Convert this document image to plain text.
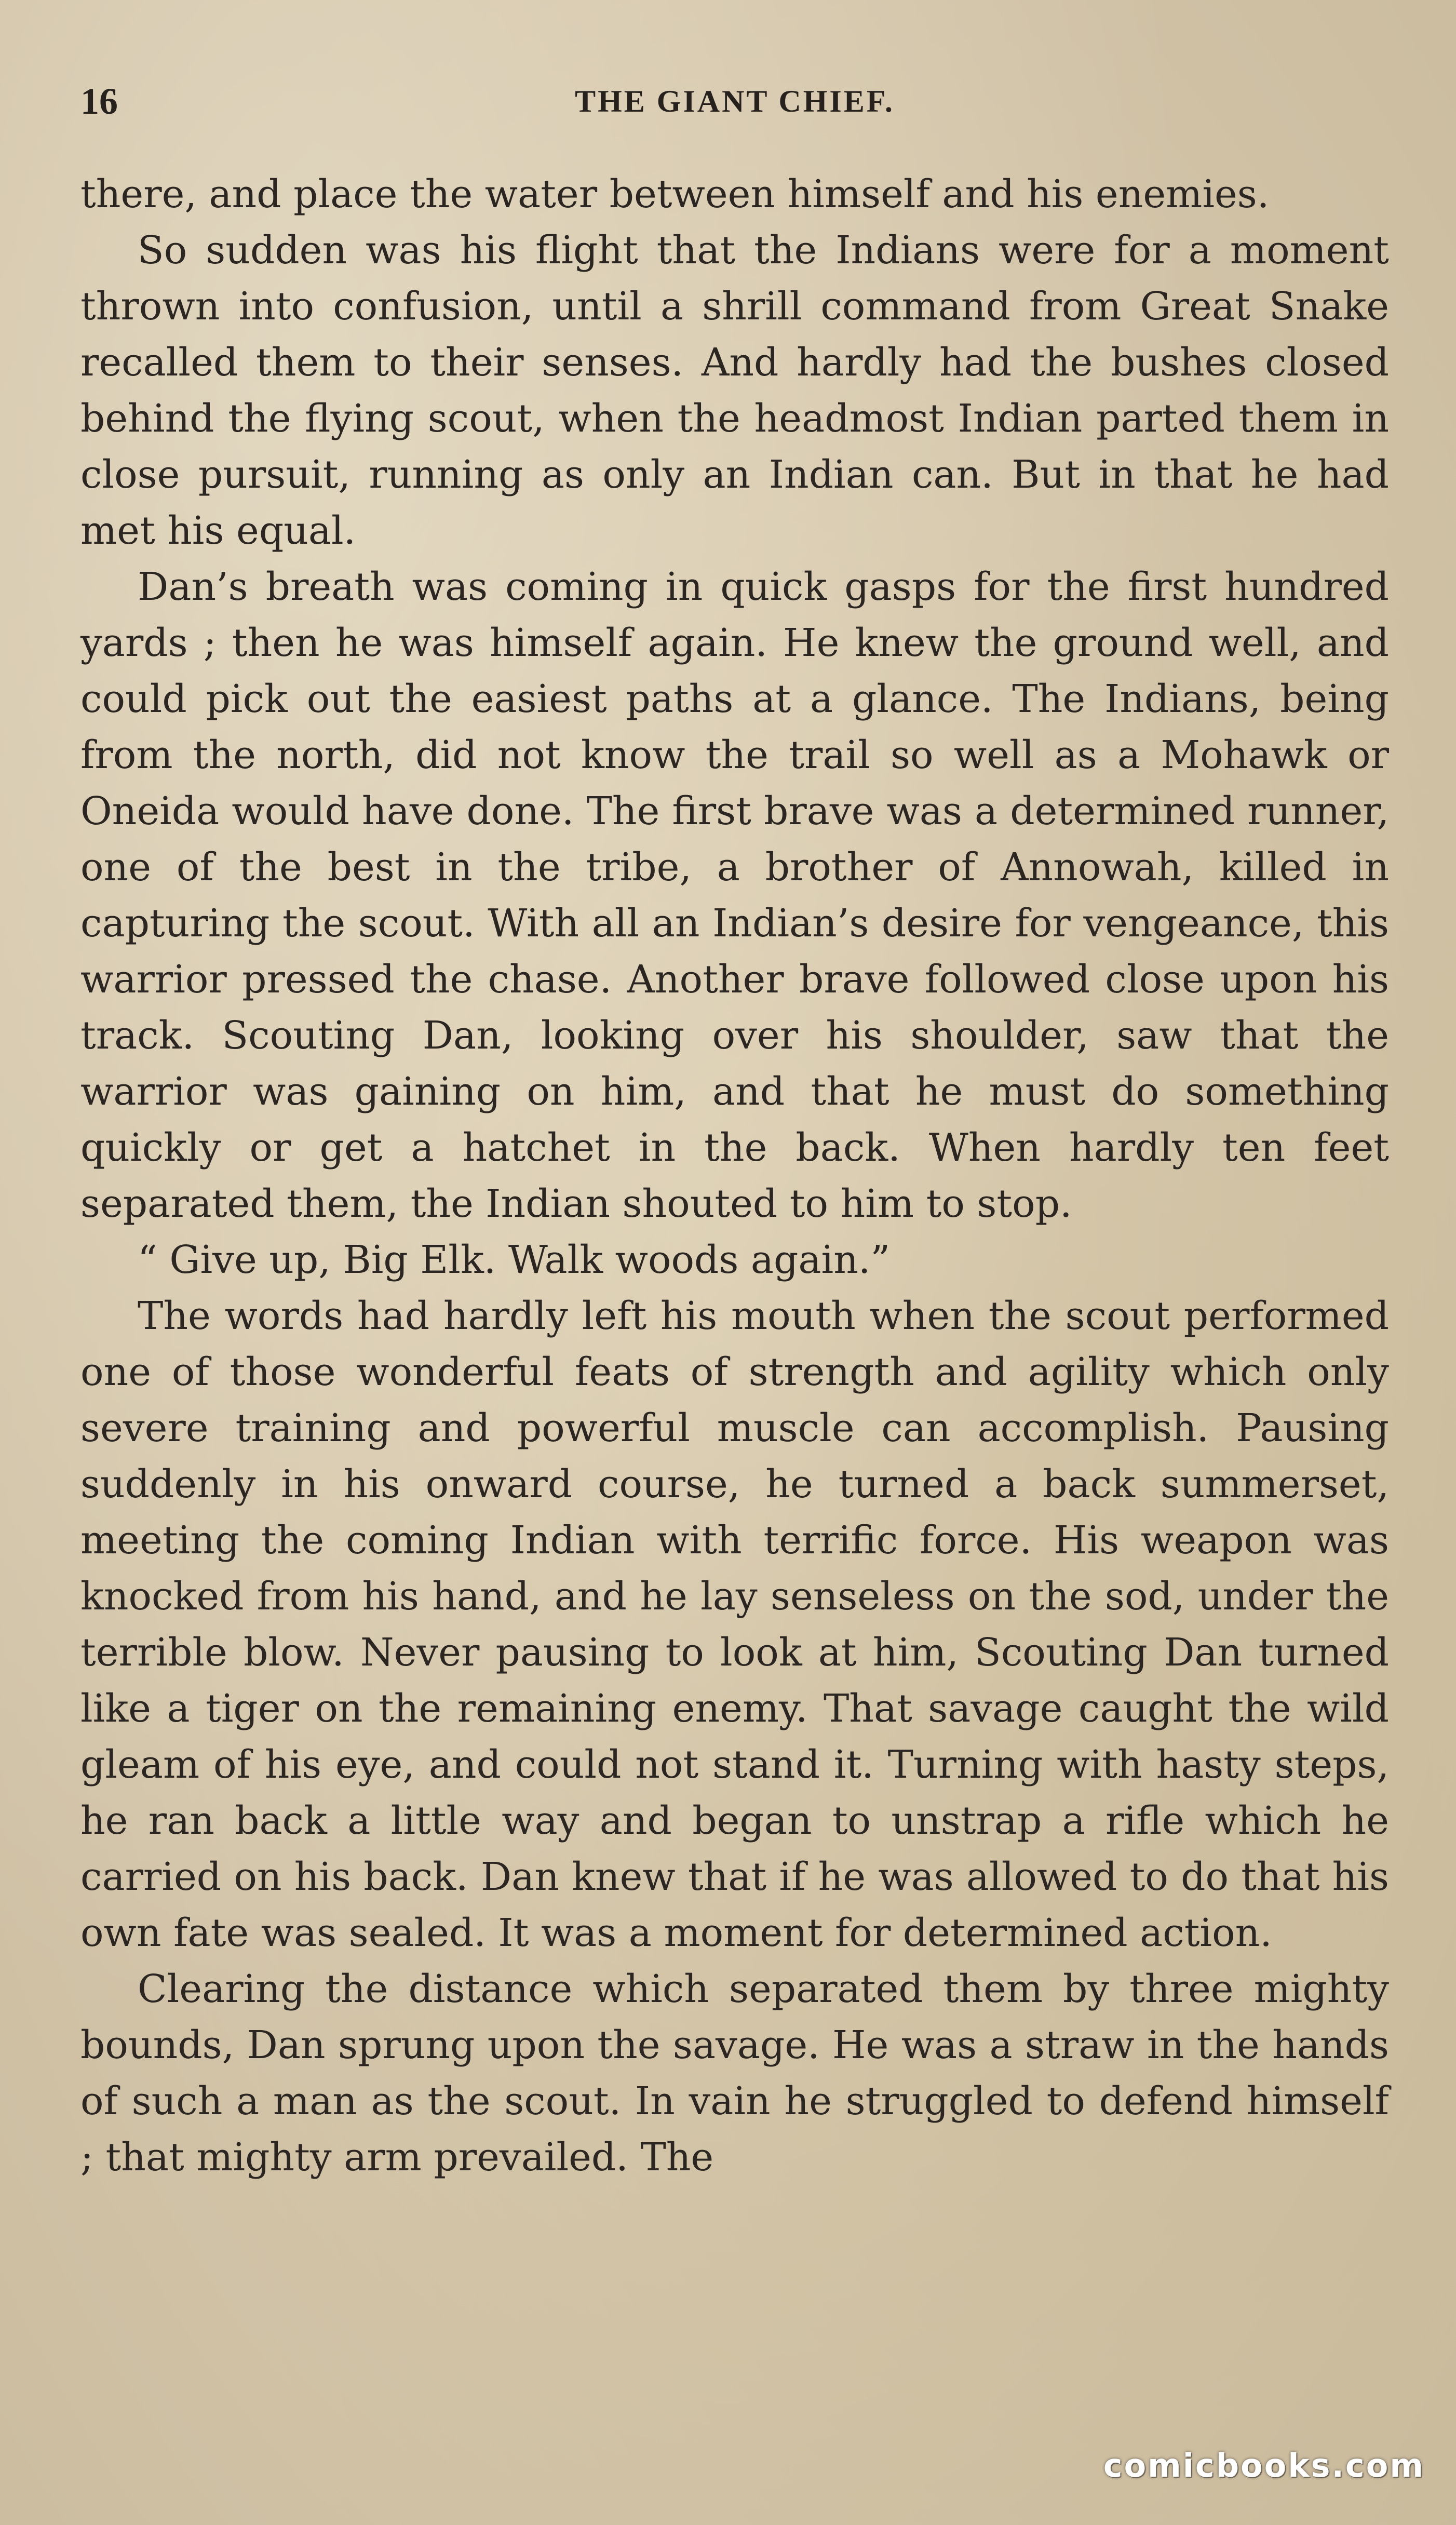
16	THE GIANT CHIEF.

there, and place the water between himself and his enemies.

So sudden was his flight that the Indians were for a moment thrown into confusion, until a shrill command from Great Snake recalled them to their senses. And hardly had the bushes closed behind the flying scout, when the headmost Indian parted them in close pursuit, running as only an Indian can. But in that he had met his equal.

Dan’s breath was coming in quick gasps for the first hundred yards ; then he was himself again. He knew the ground well, and could pick out the easiest paths at a glance. The Indians, being from the north, did not know the trail so well as a Mohawk or Oneida would have done. The first brave was a determined runner, one of the best in the tribe, a brother of Annowah, killed in capturing the scout. With all an Indian’s desire for vengeance, this warrior pressed the chase. Another brave followed close upon his track. Scouting Dan, looking over his shoulder, saw that the warrior was gaining on him, and that he must do something quickly or get a hatchet in the back. When hardly ten feet separated them, the Indian shouted to him to stop.

“ Give up, Big Elk. Walk woods again.”

The words had hardly left his mouth when the scout performed one of those wonderful feats of strength and agility which only severe training and powerful muscle can accomplish. Pausing suddenly in his onward course, he turned a back summerset, meeting the coming Indian with terrific force. His weapon was knocked from his hand, and he lay senseless on the sod, under the terrible blow. Never pausing to look at him, Scouting Dan turned like a tiger on the remaining enemy. That savage caught the wild gleam of his eye, and could not stand it. Turning with hasty steps, he ran back a little way and began to unstrap a rifle which he carried on his back. Dan knew that if he was allowed to do that his own fate was sealed. It was a moment for determined action.

Clearing the distance which separated them by three mighty bounds, Dan sprung upon the savage. He was a straw in the hands of such a man as the scout. In vain he struggled to defend himself ; that mighty arm prevailed. The

comicbooks.com
